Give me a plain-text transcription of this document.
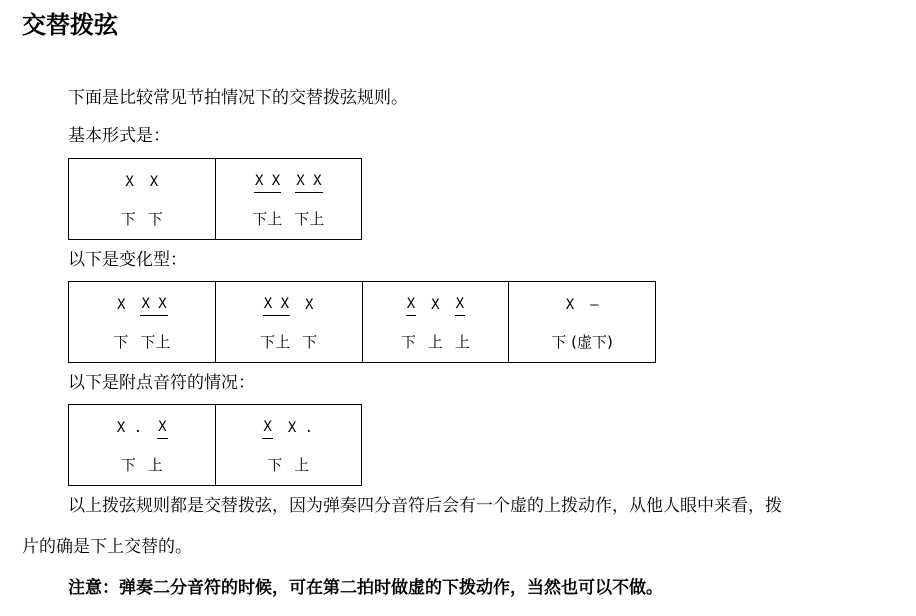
交替拨弦
下面是比较常见节拍情况下的交替拨弦规则。
基本形式是：
X X
下 下

X X X X
下上 下上
以下是变化型：
X X X
下 下上

X X X
下上 下

X X X
下 上 上

X –
下 (虚下)
以下是附点音符的情况：
X . X
下 上

X X .
下 上
以上拨弦规则都是交替拨弦，因为弹奏四分音符后会有一个虚的上拨动作，从他人眼中来看，拨
片的确是下上交替的。
注意：弹奏二分音符的时候，可在第二拍时做虚的下拨动作，当然也可以不做。
